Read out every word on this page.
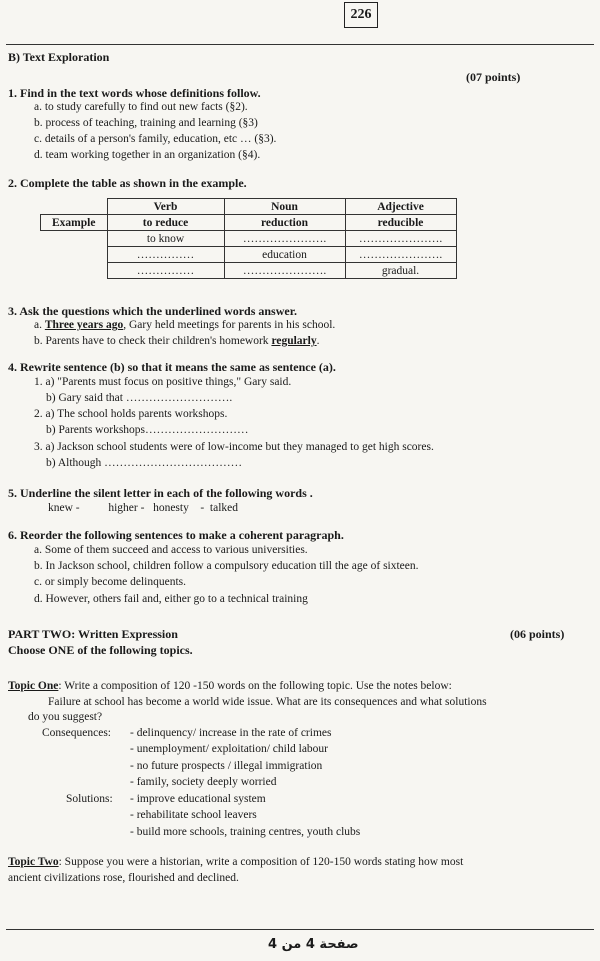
226
B) Text Exploration
(07 points)
1. Find in the text words whose definitions follow.
a. to study carefully to find out new facts (§2).
b. process of teaching, training and learning (§3)
c. details of a person's family, education, etc … (§3).
d. team working together in an organization (§4).
2. Complete the table as shown in the example.
	Verb	Noun	Adjective
Example	to reduce	reduction	reducible
	to know	………………….	………………….
	……………	education	………………….
	……………	………………….	gradual.
3. Ask the questions which the underlined words answer.
a. Three years ago, Gary held meetings for parents in his school.
b. Parents have to check their children's homework regularly.
4. Rewrite sentence (b) so that it means the same as sentence (a).
1. a) "Parents must focus on positive things," Gary said.
b) Gary said that ……………………….
2. a) The school holds parents workshops.
b) Parents workshops………………………
3. a) Jackson school students were of low-income but they managed to get high scores.
b) Although ………………………………
5. Underline the silent letter in each of the following words .
knew -          higher -   honesty    -  talked
6. Reorder the following sentences to make a coherent paragraph.
a. Some of them succeed and access to various universities.
b. In Jackson school, children follow a compulsory education till the age of sixteen.
c. or simply become delinquents.
d. However, others fail and, either go to a technical training
PART TWO: Written Expression	(06 points)
Choose ONE of the following topics.
Topic One: Write a composition of 120 -150 words on the following topic. Use the notes below:
Failure at school has become a world wide issue. What are its consequences and what solutions
do you suggest?
Consequences: - delinquency/ increase in the rate of crimes
- unemployment/ exploitation/ child labour
- no future prospects / illegal immigration
- family, society deeply worried
Solutions: - improve educational system
- rehabilitate school leavers
- build more schools, training centres, youth clubs
Topic Two: Suppose you were a historian, write a composition of 120-150 words stating how most
ancient civilizations rose, flourished and declined.
صفحة 4 من 4
